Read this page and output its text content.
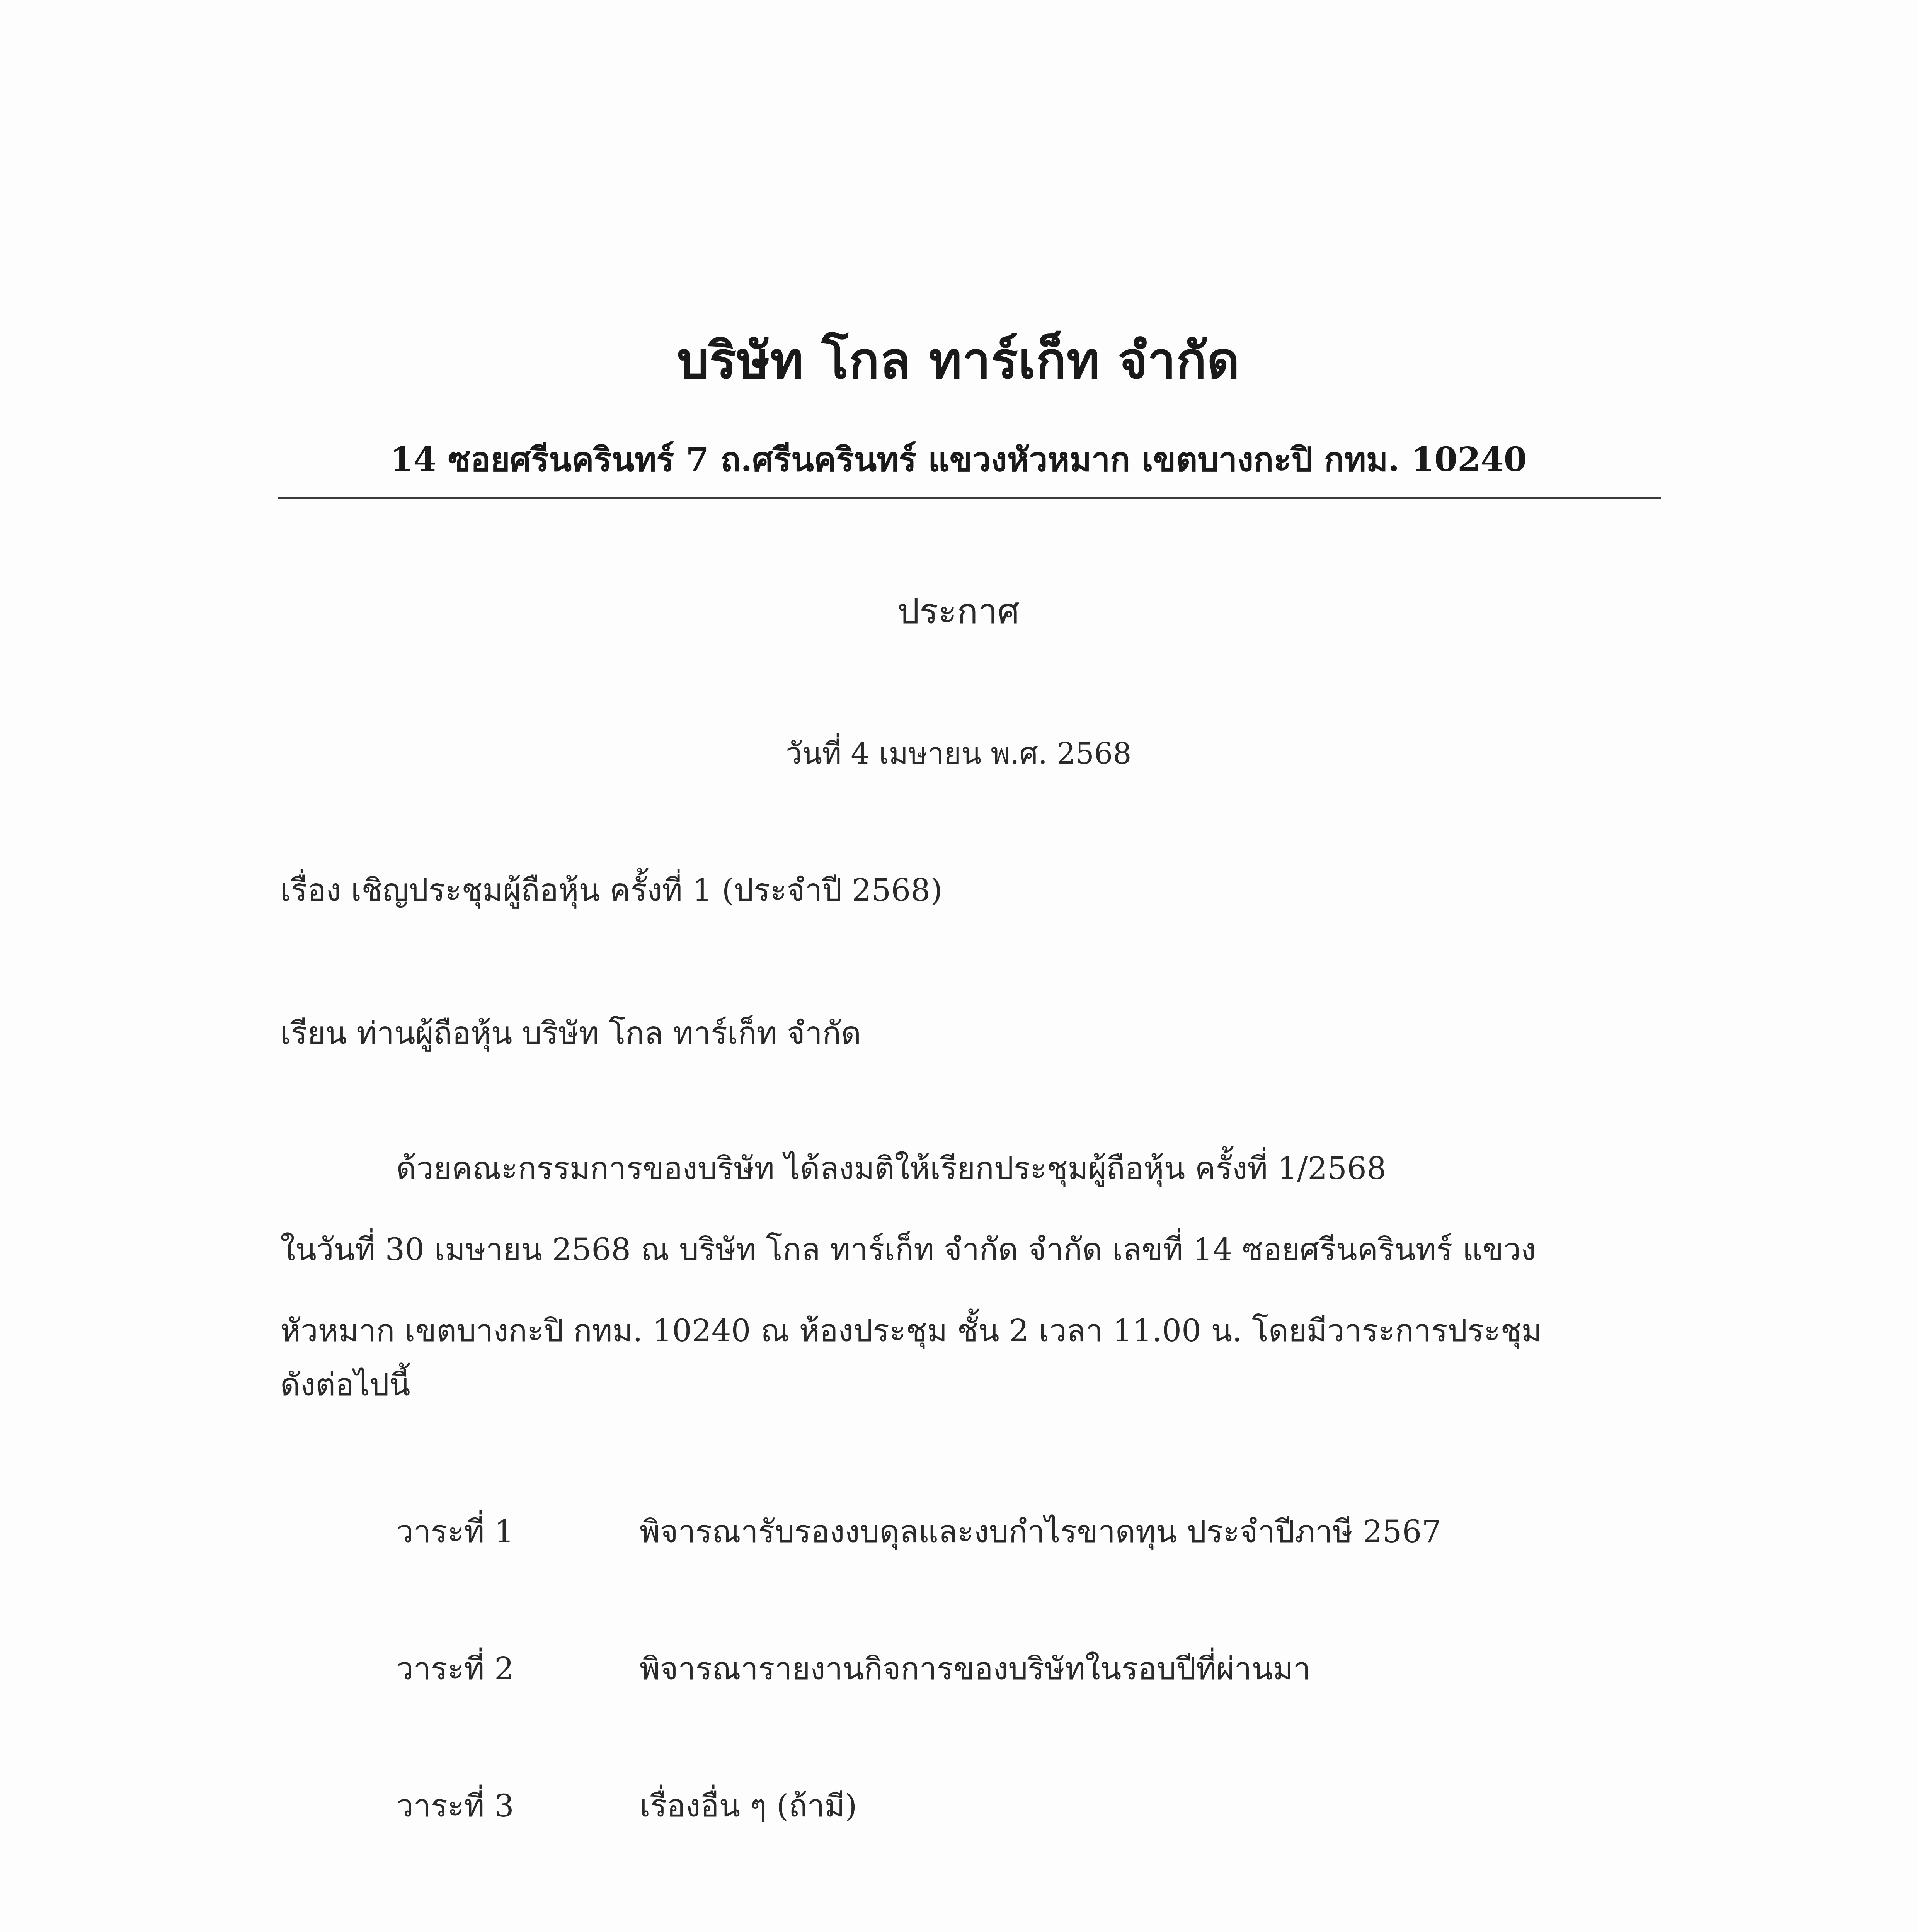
บริษัท โกล ทาร์เก็ท จำกัด
14 ซอยศรีนครินทร์ 7 ถ.ศรีนครินทร์ แขวงหัวหมาก เขตบางกะปิ กทม. 10240
ประกาศ
วันที่ 4 เมษายน พ.ศ. 2568
เรื่อง เชิญประชุมผู้ถือหุ้น ครั้งที่ 1 (ประจำปี 2568)
เรียน ท่านผู้ถือหุ้น บริษัท โกล ทาร์เก็ท จำกัด
ด้วยคณะกรรมการของบริษัท ได้ลงมติให้เรียกประชุมผู้ถือหุ้น ครั้งที่ 1/2568
ในวันที่ 30 เมษายน 2568 ณ บริษัท โกล ทาร์เก็ท จำกัด จำกัด เลขที่ 14 ซอยศรีนครินทร์ แขวง
หัวหมาก เขตบางกะปิ กทม. 10240 ณ ห้องประชุม ชั้น 2 เวลา 11.00 น. โดยมีวาระการประชุม
ดังต่อไปนี้
วาระที่ 1	พิจารณารับรองงบดุลและงบกำไรขาดทุน ประจำปีภาษี 2567
วาระที่ 2	พิจารณารายงานกิจการของบริษัทในรอบปีที่ผ่านมา
วาระที่ 3	เรื่องอื่น ๆ (ถ้ามี)
